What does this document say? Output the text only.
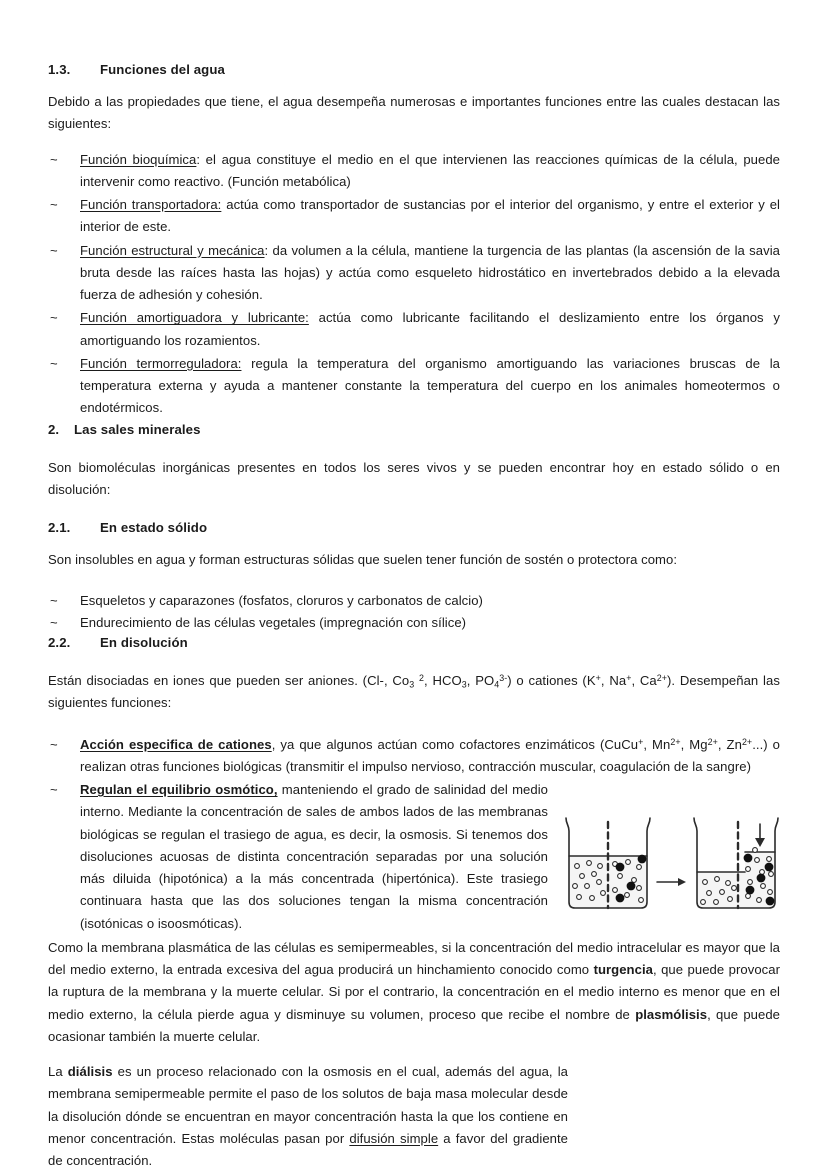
1.3.	Funciones del agua

Debido a las propiedades que tiene, el agua desempeña numerosas e importantes funciones entre las cuales destacan las siguientes:

~ Función bioquímica: el agua constituye el medio en el que intervienen las reacciones químicas de la célula, puede intervenir como reactivo. (Función metabólica)
~ Función transportadora: actúa como transportador de sustancias por el interior del organismo, y entre el exterior y el interior de este.
~ Función estructural y mecánica: da volumen a la célula, mantiene la turgencia de las plantas (la ascensión de la savia bruta desde las raíces hasta las hojas) y actúa como esqueleto hidrostático en invertebrados debido a la elevada fuerza de adhesión y cohesión.
~ Función amortiguadora y lubricante: actúa como lubricante facilitando el deslizamiento entre los órganos y amortiguando los rozamientos.
~ Función termorreguladora: regula la temperatura del organismo amortiguando las variaciones bruscas de la temperatura externa y ayuda a mantener constante la temperatura del cuerpo en los animales homeotermos o endotérmicos.
2.	Las sales minerales

Son biomoléculas inorgánicas presentes en todos los seres vivos y se pueden encontrar hoy en estado sólido o en disolución:

2.1.	En estado sólido

Son insolubles en agua y forman estructuras sólidas que suelen tener función de sostén o protectora como:

~ Esqueletos y caparazones (fosfatos, cloruros y carbonatos de calcio)
~ Endurecimiento de las células vegetales (impregnación con sílice)
2.2.	En disolución

Están disociadas en iones que pueden ser aniones. (Cl-, $Co_3$ $^2$, $HCO_3$, $PO_4^{3-}$) o cationes (K+, Na+, $Ca^{2+}$). Desempeñan las siguientes funciones:

~ Acción especifica de cationes, ya que algunos actúan como cofactores enzimáticos (CuCu+, $Mn^{2+}$, $Mg^{2+}$, $Zn^{2+}$...) o realizan otras funciones biológicas (transmitir el impulso nervioso, contracción muscular, coagulación de la sangre)
~ Regulan el equilibrio osmótico, manteniendo el grado de salinidad del medio interno. Mediante la concentración de sales de ambos lados de las membranas biológicas se regulan el trasiego de agua, es decir, la osmosis. Si tenemos dos disoluciones acuosas de distinta concentración separadas por una solución más diluida (hipotónica) a la más concentrada (hipertónica). Este trasiego continuara hasta que las dos soluciones tengan la misma concentración (isotónicas o isoosmóticas).

Como la membrana plasmática de las células es semipermeables, si la concentración del medio intracelular es mayor que la del medio externo, la entrada excesiva del agua producirá un hinchamiento conocido como turgencia, que puede provocar la ruptura de la membrana y la muerte celular. Si por el contrario, la concentración en el medio interno es menor que en el medio externo, la célula pierde agua y disminuye su volumen, proceso que recibe el nombre de plasmólisis, que puede ocasionar también la muerte celular.

La diálisis es un proceso relacionado con la osmosis en el cual, además del agua, la membrana semipermeable permite el paso de los solutos de baja masa molecular desde la disolución dónde se encuentran en mayor concentración hasta la que los contiene en menor concentración. Estas moléculas pasan por difusión simple a favor del gradiente de concentración.
